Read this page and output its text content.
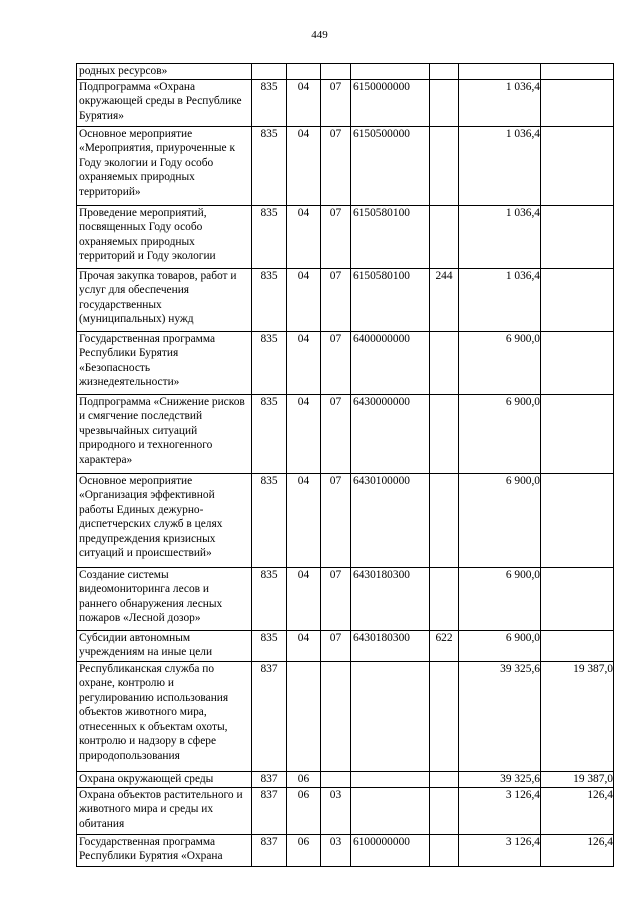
449
родных ресурсов»							
Подпрограмма «Охрана окружающей среды в Республике Бурятия»	835	04	07	6150000000		1 036,4	
Основное мероприятие «Мероприятия, приуроченные к Году экологии и Году особо охраняемых природных территорий»	835	04	07	6150500000		1 036,4	
Проведение мероприятий, посвященных Году особо охраняемых природных территорий и Году экологии	835	04	07	6150580100		1 036,4	
Прочая закупка товаров, работ и услуг для обеспечения государственных (муниципальных) нужд	835	04	07	6150580100	244	1 036,4	
Государственная программа Республики Бурятия «Безопасность жизнедеятельности»	835	04	07	6400000000		6 900,0	
Подпрограмма «Снижение рисков и смягчение последствий чрезвычайных ситуаций природного и техногенного характера»	835	04	07	6430000000		6 900,0	
Основное мероприятие «Организация эффективной работы Единых дежурно-диспетчерских служб в целях предупреждения кризисных ситуаций и происшествий»	835	04	07	6430100000		6 900,0	
Создание системы видеомониторинга лесов и раннего обнаружения лесных пожаров «Лесной дозор»	835	04	07	6430180300		6 900,0	
Субсидии автономным учреждениям на иные цели	835	04	07	6430180300	622	6 900,0	
Республиканская служба по охране, контролю и регулированию использования объектов животного мира, отнесенных к объектам охоты, контролю и надзору в сфере природопользования	837					39 325,6	19 387,0
Охрана окружающей среды	837	06				39 325,6	19 387,0
Охрана объектов растительного и животного мира и среды их обитания	837	06	03			3 126,4	126,4
Государственная программа Республики Бурятия «Охрана	837	06	03	6100000000		3 126,4	126,4
